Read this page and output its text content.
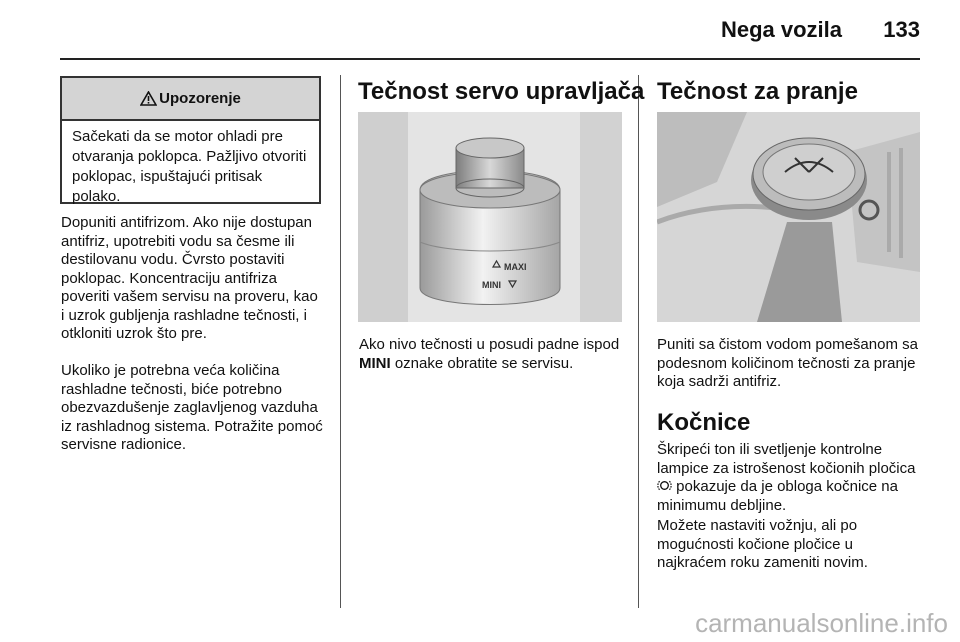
Nega vozila 133
Upozorenje
Sačekati da se motor ohladi pre otvaranja poklopca. Pažljivo otvoriti poklopac, ispuštajući pritisak polako.

Dopuniti antifrizom. Ako nije dostupan antifriz, upotrebiti vodu sa česme ili destilovanu vodu. Čvrsto postaviti poklopac. Koncentraciju antifriza poveriti vašem servisu na proveru, kao i uzrok gubljenja rashladne tečnosti, i otkloniti uzrok što pre.

Ukoliko je potrebna veća količina rashladne tečnosti, biće potrebno obezvazdušenje zaglavljenog vazduha iz rashladnog sistema. Potražite pomoć servisne radionice.

Tečnost servo upravljača
MAXI
MINI

Ako nivo tečnosti u posudi padne ispod MINI oznake obratite se servisu.

Tečnost za pranje

Puniti sa čistom vodom pomešanom sa podesnom količinom tečnosti za pranje koja sadrži antifriz.

Kočnice

Škripeći ton ili svetljenje kontrolne lampice za istrošenost kočionih pločica  pokazuje da je obloga kočnice na minimumu debljine.

Možete nastaviti vožnju, ali po mogućnosti kočione pločice u najkraćem roku zameniti novim.

carmanualsonline.info
